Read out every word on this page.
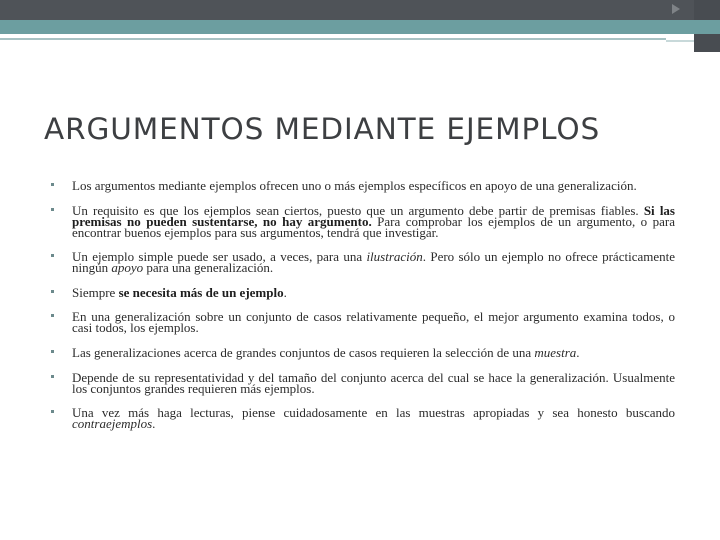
ARGUMENTOS MEDIANTE EJEMPLOS
Los argumentos mediante ejemplos ofrecen uno o más ejemplos específicos en apoyo de una generalización.
Un requisito es que los ejemplos sean ciertos, puesto que un argumento debe partir de premisas fiables. Si las premisas no pueden sustentarse, no hay argumento. Para comprobar los ejemplos de un argumento, o para encontrar buenos ejemplos para sus argumentos, tendrá que investigar.
Un ejemplo simple puede ser usado, a veces, para una ilustración. Pero sólo un ejemplo no ofrece prácticamente ningún apoyo para una generalización.
Siempre se necesita más de un ejemplo.
En una generalización sobre un conjunto de casos relativamente pequeño, el mejor argumento examina todos, o casi todos, los ejemplos.
Las generalizaciones acerca de grandes conjuntos de casos requieren la selección de una muestra.
Depende de su representatividad y del tamaño del conjunto acerca del cual se hace la generalización. Usualmente los conjuntos grandes requieren más ejemplos.
Una vez más haga lecturas, piense cuidadosamente en las muestras apropiadas y sea honesto buscando contraejemplos.
